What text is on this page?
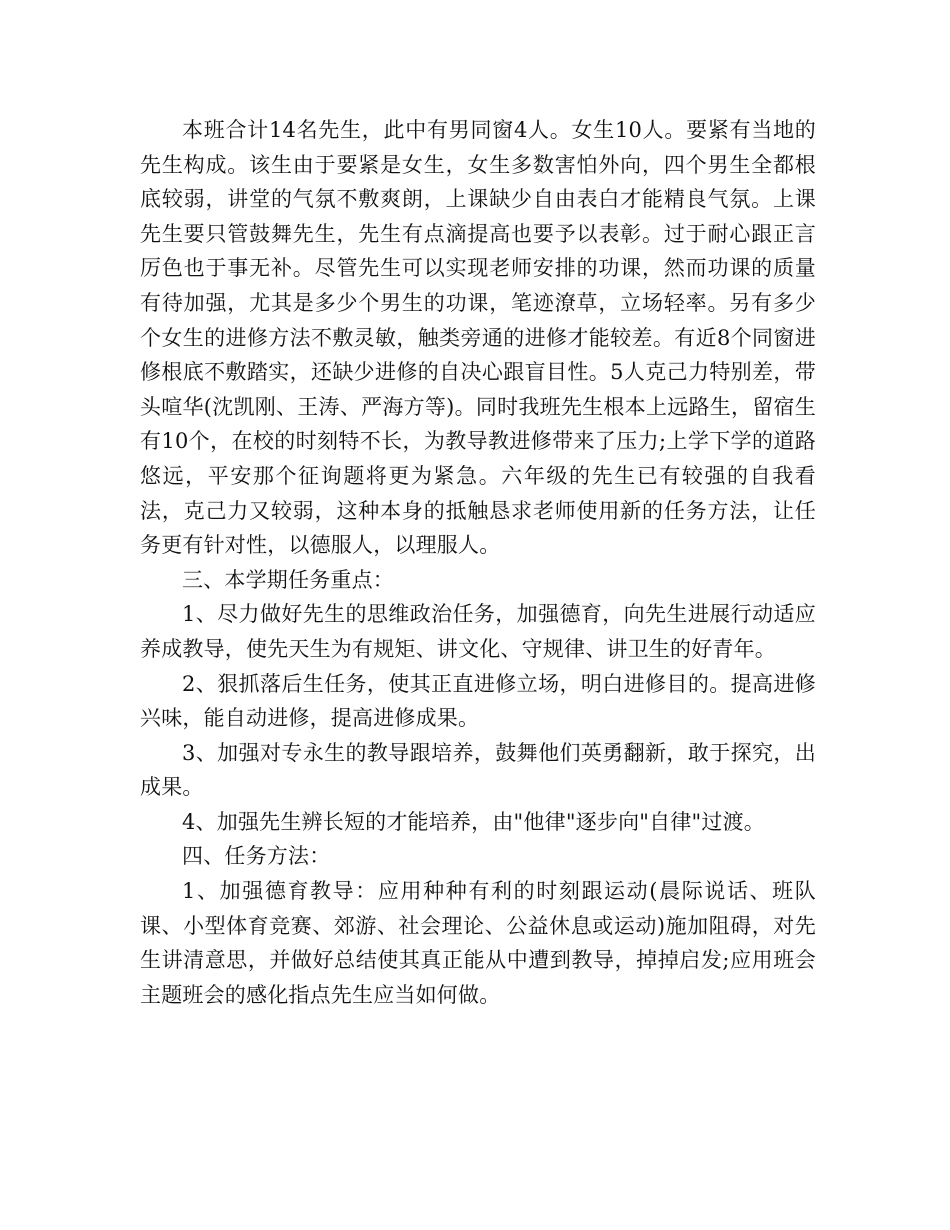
本班合计14名先生，此中有男同窗4人。女生10人。要紧有当地的先生构成。该生由于要紧是女生，女生多数害怕外向，四个男生全都根底较弱，讲堂的气氛不敷爽朗，上课缺少自由表白才能精良气氛。上课先生要只管鼓舞先生，先生有点滴提高也要予以表彰。过于耐心跟正言厉色也于事无补。尽管先生可以实现老师安排的功课，然而功课的质量有待加强，尤其是多少个男生的功课，笔迹潦草，立场轻率。另有多少个女生的进修方法不敷灵敏，触类旁通的进修才能较差。有近8个同窗进修根底不敷踏实，还缺少进修的自决心跟盲目性。5人克己力特别差，带头喧华(沈凯刚、王涛、严海方等)。同时我班先生根本上远路生，留宿生有10个，在校的时刻特不长，为教导教进修带来了压力;上学下学的道路悠远，平安那个征询题将更为紧急。六年级的先生已有较强的自我看法，克己力又较弱，这种本身的抵触恳求老师使用新的任务方法，让任务更有针对性，以德服人，以理服人。

三、本学期任务重点：

1、尽力做好先生的思维政治任务，加强德育，向先生进展行动适应养成教导，使先天生为有规矩、讲文化、守规律、讲卫生的好青年。

2、狠抓落后生任务，使其正直进修立场，明白进修目的。提高进修兴味，能自动进修，提高进修成果。

3、加强对专永生的教导跟培养，鼓舞他们英勇翻新，敢于探究，出成果。

4、加强先生辨长短的才能培养，由"他律"逐步向"自律"过渡。

四、任务方法：

1、加强德育教导：应用种种有利的时刻跟运动(晨际说话、班队课、小型体育竞赛、郊游、社会理论、公益休息或运动)施加阻碍，对先生讲清意思，并做好总结使其真正能从中遭到教导，掉掉启发;应用班会主题班会的感化指点先生应当如何做。
